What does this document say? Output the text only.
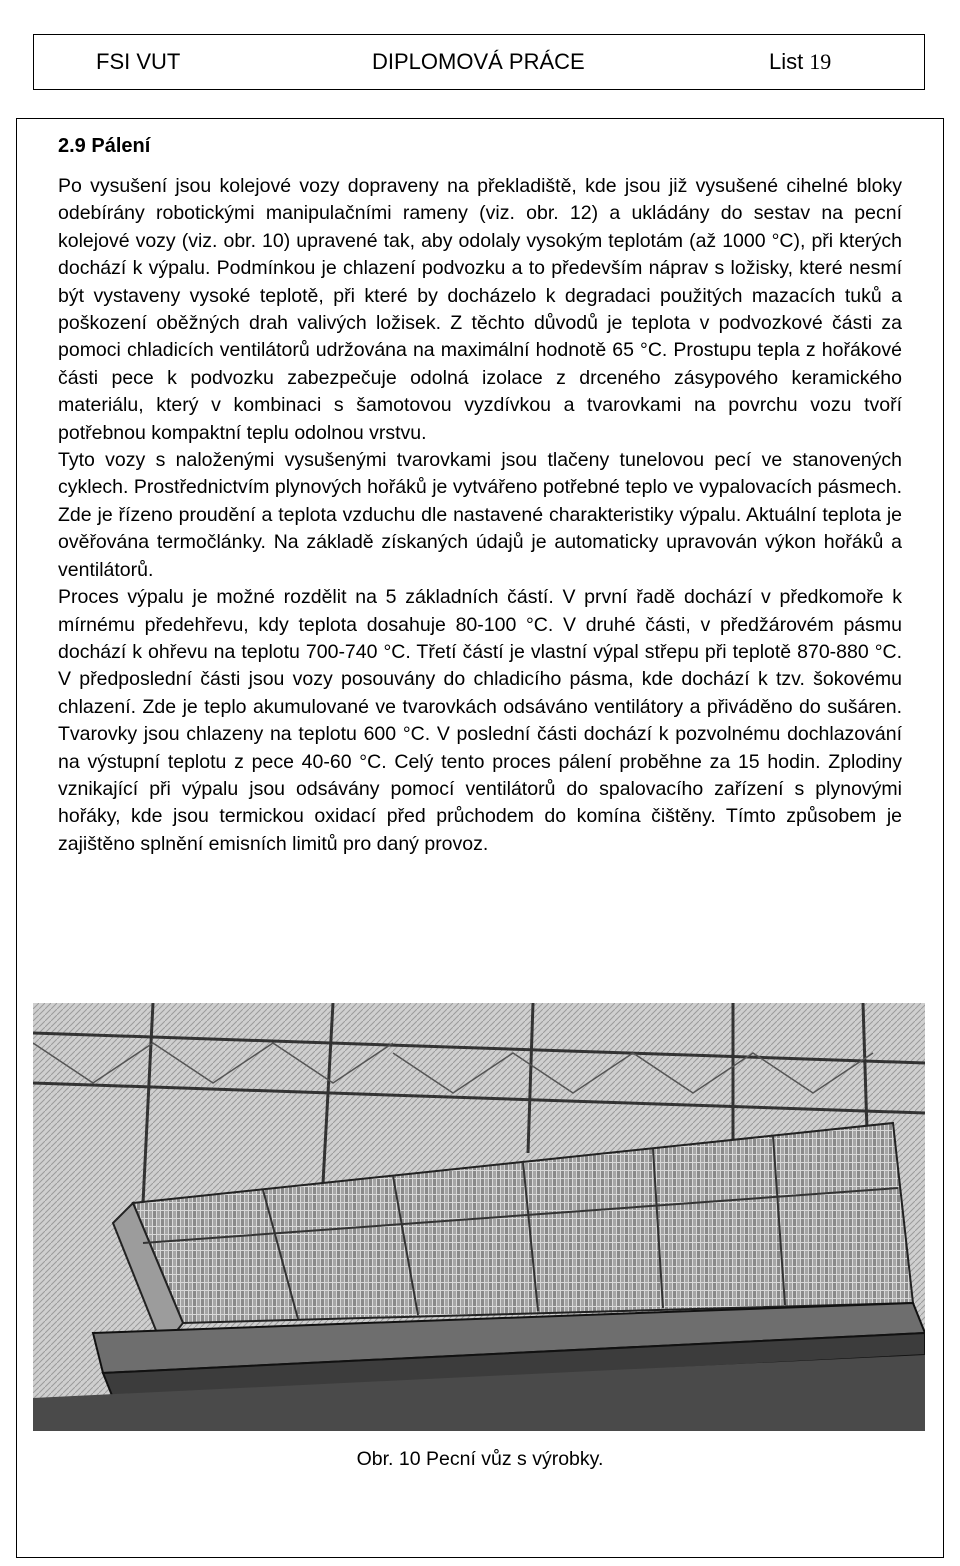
FSI VUT	DIPLOMOVÁ PRÁCE	List 19
2.9 Pálení

Po vysušení jsou kolejové vozy dopraveny na překladiště, kde jsou již vysušené cihelné bloky odebírány robotickými manipulačními rameny (viz. obr. 12) a ukládány do sestav na pecní kolejové vozy (viz. obr. 10) upravené tak, aby odolaly vysokým teplotám (až 1000 °C), při kterých dochází k výpalu. Podmínkou je chlazení podvozku a to především náprav s ložisky, které nesmí být vystaveny vysoké teplotě, při které by docházelo k degradaci použitých mazacích tuků a poškození oběžných drah valivých ložisek. Z těchto důvodů je teplota v podvozkové části za pomoci chladicích ventilátorů udržována na maximální hodnotě 65 °C. Prostupu tepla z hořákové části pece k podvozku zabezpečuje odolná izolace z drceného zásypového keramického materiálu, který v kombinaci s šamotovou vyzdívkou a tvarovkami na povrchu vozu tvoří potřebnou kompaktní teplu odolnou vrstvu.

Tyto vozy s naloženými vysušenými tvarovkami jsou tlačeny tunelovou pecí ve stanovených cyklech. Prostřednictvím plynových hořáků je vytvářeno potřebné teplo ve vypalovacích pásmech. Zde je řízeno proudění a teplota vzduchu dle nastavené charakteristiky výpalu. Aktuální teplota je ověřována termočlánky. Na základě získaných údajů je automaticky upravován výkon hořáků a ventilátorů.

Proces výpalu je možné rozdělit na 5 základních částí. V první řadě dochází v předkomoře k mírnému předehřevu, kdy teplota dosahuje 80-100 °C. V druhé části, v předžárovém pásmu dochází k ohřevu na teplotu 700-740 °C. Třetí částí je vlastní výpal střepu při teplotě 870-880 °C. V předposlední části jsou vozy posouvány do chladicího pásma, kde dochází k tzv. šokovému chlazení. Zde je teplo akumulované ve tvarovkách odsáváno ventilátory a přiváděno do sušáren. Tvarovky jsou chlazeny na teplotu 600 °C. V poslední části dochází k pozvolnému dochlazování na výstupní teplotu z pece 40-60 °C. Celý tento proces pálení proběhne za 15 hodin. Zplodiny vznikající při výpalu jsou odsávány pomocí ventilátorů do spalovacího zařízení s plynovými hořáky, kde jsou termickou oxidací před průchodem do komína čištěny. Tímto způsobem je zajištěno splnění emisních limitů pro daný provoz.

Obr. 10 Pecní vůz s výrobky.
